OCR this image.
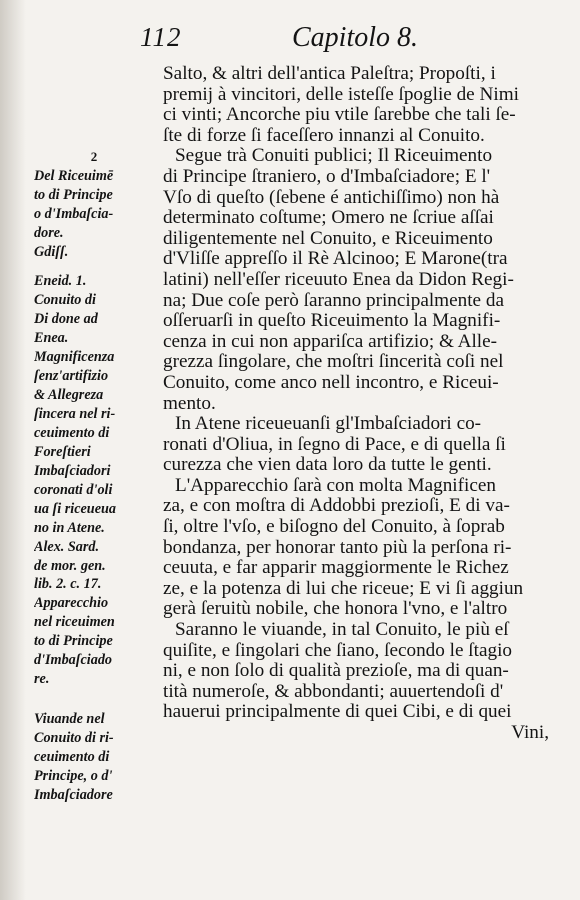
112	Capitolo 8.
Salto, & altri dell'antica Paleſtra; Propoſti, i
premij à vincitori, delle isteſſe ſpoglie de Nimi
ci vinti; Ancorche piu vtile ſarebbe che tali ſe-
ſte di forze ſi faceſſero innanzi al Conuito.
Segue trà Conuiti publici; Il Riceuimento
di Principe ſtraniero, o d'Imbaſciadore; E l'
Vſo di queſto (ſebene é antichiſſimo) non hà
determinato coſtume; Omero ne ſcriue aſſai
diligentemente nel Conuito, e Riceuimento
d'Vliſſe appreſſo il Rè Alcinoo; E Marone(tra
latini) nell'eſſer riceuuto Enea da Didon Regi-
na; Due coſe però ſaranno principalmente da
oſſeruarſi in queſto Riceuimento la Magnifi-
cenza in cui non appariſca artifizio; & Alle-
grezza ſingolare, che moſtri ſincerità coſi nel
Conuito, come anco nell incontro, e Riceui-
mento.
In Atene riceueuanſi gl'Imbaſciadori co-
ronati d'Oliua, in ſegno di Pace, e di quella ſi
curezza che vien data loro da tutte le genti.
L'Apparecchio ſarà con molta Magnificen
za, e con moſtra di Addobbi prezioſi, E di va-
ſi, oltre l'vſo, e biſogno del Conuito, à ſoprab
bondanza, per honorar tanto più la perſona ri-
ceuuta, e far apparir maggiormente le Richez
ze, e la potenza di lui che riceue; E vi ſi aggiun
gerà ſeruitù nobile, che honora l'vno, e l'altro
Saranno le viuande, in tal Conuito, le più eſ
quiſite, e ſingolari che ſiano, ſecondo le ſtagio
ni, e non ſolo di qualità prezioſe, ma di quan-
tità numeroſe, & abbondanti; auuertendoſi d'
hauerui principalmente di quei Cibi, e di quei
Vini,
2
Del Riceuimē
to di Principe
o d'Imbaſcia-
dore.
Gdiſſ.
Eneid. 1.
Conuito di
Di done ad
Enea.
Magnificenza
ſenz'artifizio
& Allegreza
ſincera nel ri-
ceuimento di
Foreſtieri
Imbaſciadori
coronati d'oli
ua ſi riceueua
no in Atene.
Alex. Sard.
de mor. gen.
lib. 2. c. 17.
Apparecchio
nel riceuimen
to di Principe
d'Imbaſciado
re.
Viuande nel
Conuito di ri-
ceuimento di
Principe, o d'
Imbaſciadore
